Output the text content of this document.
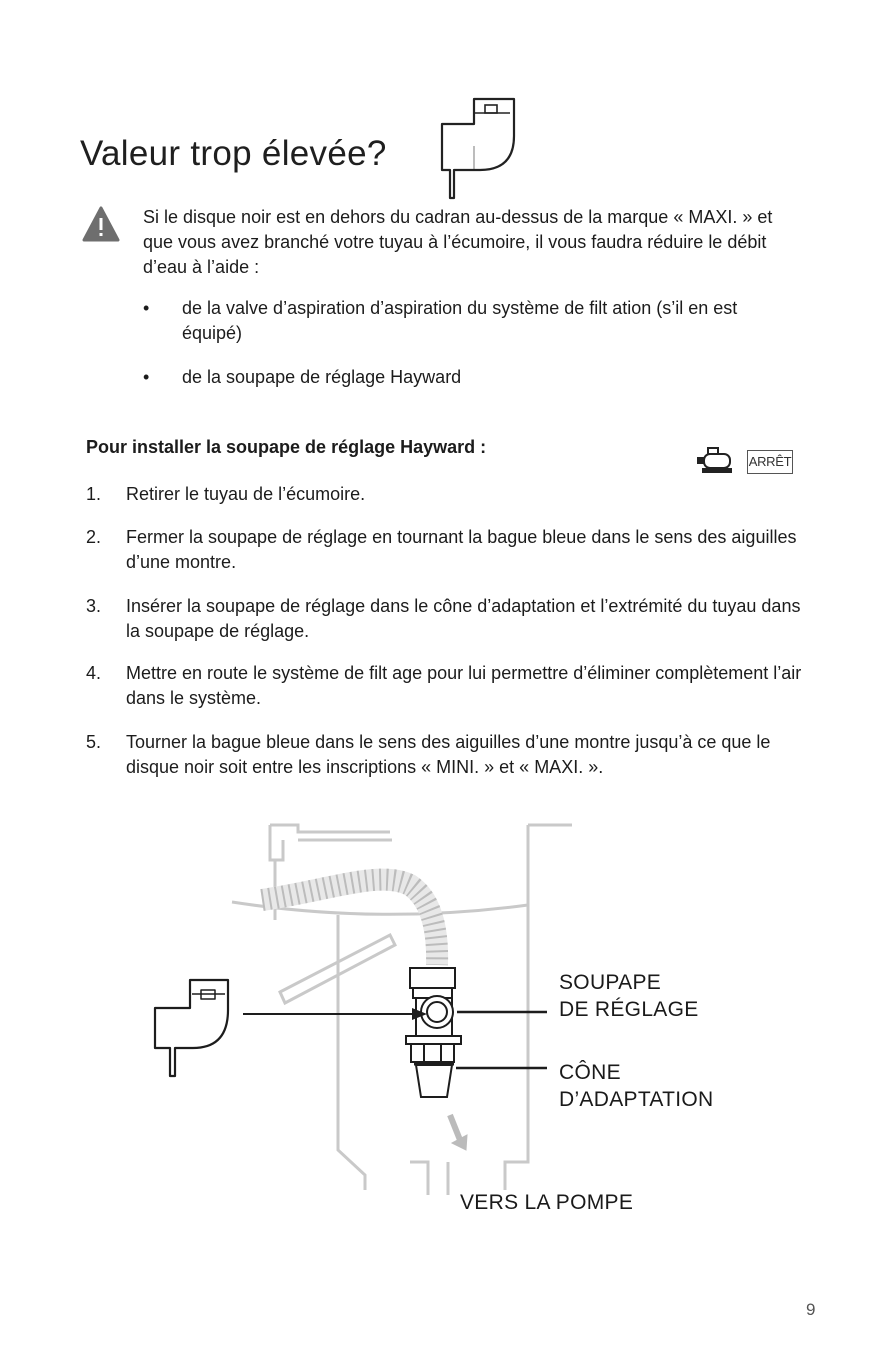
Valeur trop élevée?
Si le disque noir est en dehors du cadran au-dessus de la marque « MAXI. » et que vous avez branché votre tuyau à l’écumoire, il vous faudra réduire le débit d’eau à l’aide :
• de la valve d’aspiration d’aspiration du système de filt ation (s’il en est équipé)
• de la soupape de réglage Hayward
Pour installer la soupape de réglage Hayward :
ARRÊT
1. Retirer le tuyau de l’écumoire.
2. Fermer la soupape de réglage en tournant la bague bleue dans le sens des aiguilles d’une montre.
3. Insérer la soupape de réglage dans le cône d’adaptation et l’extrémité du tuyau dans la soupape de réglage.
4. Mettre en route le système de filt age pour lui permettre d’éliminer complètement l’air dans le système.
5. Tourner la bague bleue dans le sens des aiguilles d’une montre jusqu’à ce que le disque noir soit entre les inscriptions « MINI. » et « MAXI. ».
SOUPAPE
DE RÉGLAGE
CÔNE
D’ADAPTATION
VERS LA POMPE
9
